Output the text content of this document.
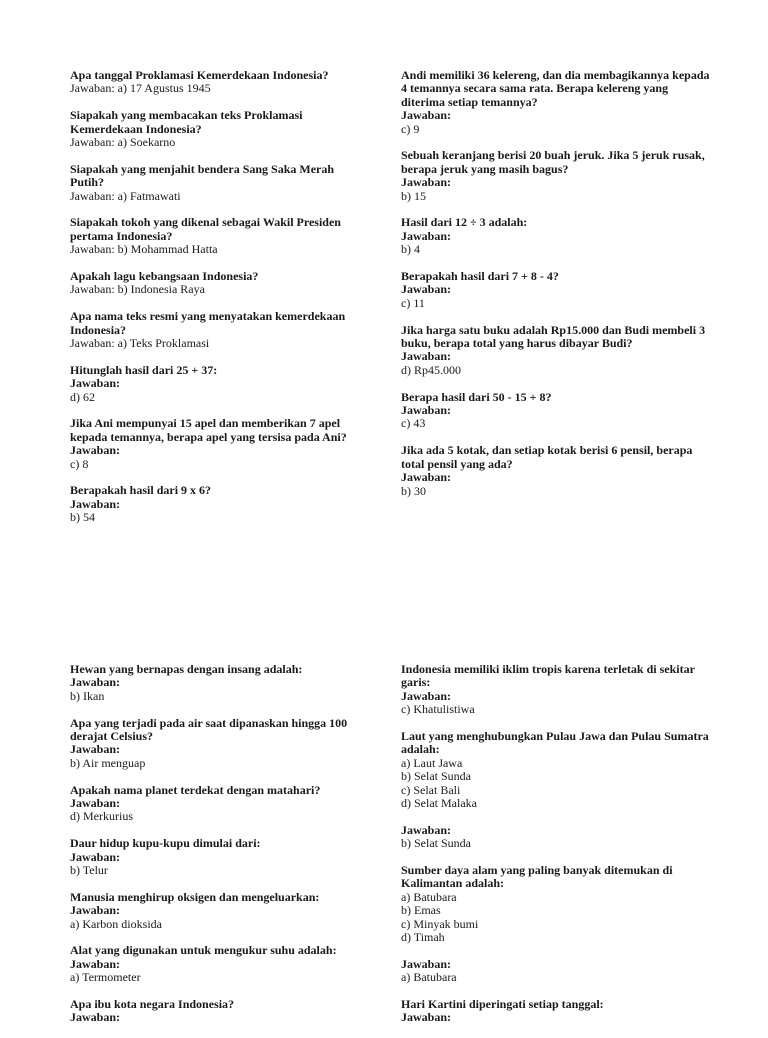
Apa tanggal Proklamasi Kemerdekaan Indonesia?
Jawaban: a) 17 Agustus 1945
Siapakah yang membacakan teks Proklamasi Kemerdekaan Indonesia?
Jawaban: a) Soekarno
Siapakah yang menjahit bendera Sang Saka Merah Putih?
Jawaban: a) Fatmawati
Siapakah tokoh yang dikenal sebagai Wakil Presiden pertama Indonesia?
Jawaban: b) Mohammad Hatta
Apakah lagu kebangsaan Indonesia?
Jawaban: b) Indonesia Raya
Apa nama teks resmi yang menyatakan kemerdekaan Indonesia?
Jawaban: a) Teks Proklamasi
Hitunglah hasil dari 25 + 37:
Jawaban:
d) 62
Jika Ani mempunyai 15 apel dan memberikan 7 apel kepada temannya, berapa apel yang tersisa pada Ani?
Jawaban:
c) 8
Berapakah hasil dari 9 x 6?
Jawaban:
b) 54
Andi memiliki 36 kelereng, dan dia membagikannya kepada 4 temannya secara sama rata. Berapa kelereng yang diterima setiap temannya?
Jawaban:
c) 9
Sebuah keranjang berisi 20 buah jeruk. Jika 5 jeruk rusak, berapa jeruk yang masih bagus?
Jawaban:
b) 15
Hasil dari 12 ÷ 3 adalah:
Jawaban:
b) 4
Berapakah hasil dari 7 + 8 - 4?
Jawaban:
c) 11
Jika harga satu buku adalah Rp15.000 dan Budi membeli 3 buku, berapa total yang harus dibayar Budi?
Jawaban:
d) Rp45.000
Berapa hasil dari 50 - 15 + 8?
Jawaban:
c) 43
Jika ada 5 kotak, dan setiap kotak berisi 6 pensil, berapa total pensil yang ada?
Jawaban:
b) 30
Hewan yang bernapas dengan insang adalah:
Jawaban:
b) Ikan
Apa yang terjadi pada air saat dipanaskan hingga 100 derajat Celsius?
Jawaban:
b) Air menguap
Apakah nama planet terdekat dengan matahari?
Jawaban:
d) Merkurius
Daur hidup kupu-kupu dimulai dari:
Jawaban:
b) Telur
Manusia menghirup oksigen dan mengeluarkan:
Jawaban:
a) Karbon dioksida
Alat yang digunakan untuk mengukur suhu adalah:
Jawaban:
a) Termometer
Apa ibu kota negara Indonesia?
Jawaban:
Indonesia memiliki iklim tropis karena terletak di sekitar garis:
Jawaban:
c) Khatulistiwa
Laut yang menghubungkan Pulau Jawa dan Pulau Sumatra adalah:
a) Laut Jawa
b) Selat Sunda
c) Selat Bali
d) Selat Malaka
Jawaban:
b) Selat Sunda
Sumber daya alam yang paling banyak ditemukan di Kalimantan adalah:
a) Batubara
b) Emas
c) Minyak bumi
d) Timah
Jawaban:
a) Batubara
Hari Kartini diperingati setiap tanggal:
Jawaban:
